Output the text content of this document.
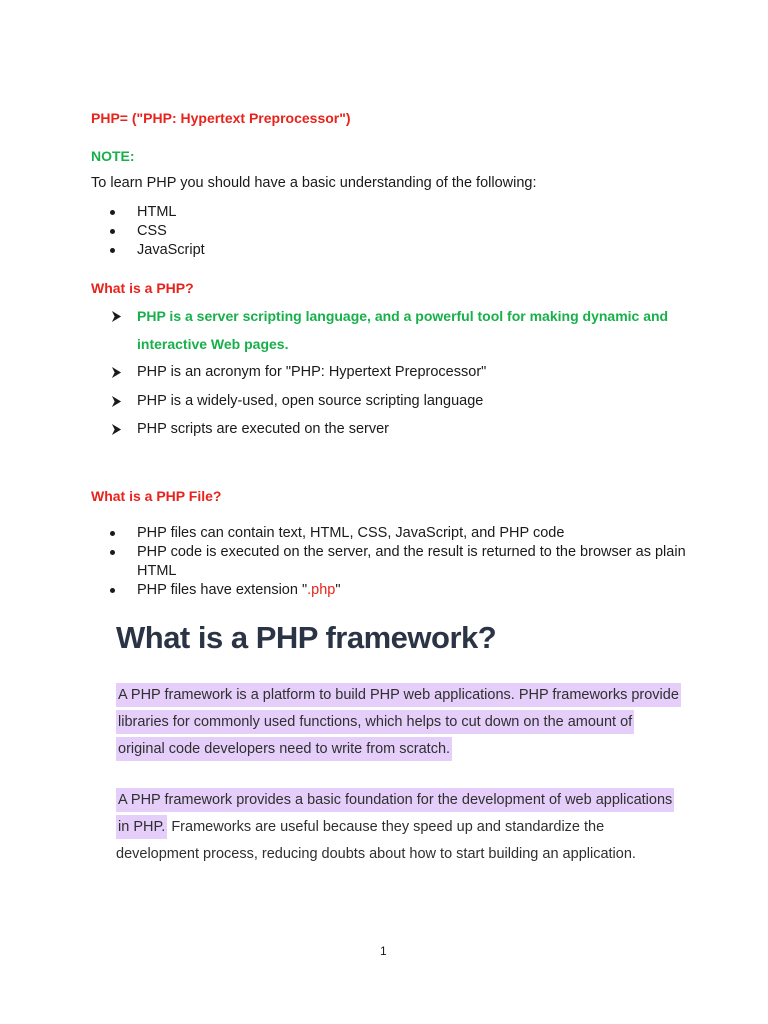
PHP= ("PHP: Hypertext Preprocessor")
NOTE:
To learn PHP you should have a basic understanding of the following:
HTML
CSS
JavaScript
What is a PHP?
PHP is a server scripting language, and a powerful tool for making dynamic and
interactive Web pages.
PHP is an acronym for "PHP: Hypertext Preprocessor"
PHP is a widely-used, open source scripting language
PHP scripts are executed on the server
What is a PHP File?
PHP files can contain text, HTML, CSS, JavaScript, and PHP code
PHP code is executed on the server, and the result is returned to the browser as plain
HTML
PHP files have extension ".php"
What is a PHP framework?
A PHP framework is a platform to build PHP web applications. PHP frameworks provide
libraries for commonly used functions, which helps to cut down on the amount of
original code developers need to write from scratch.
A PHP framework provides a basic foundation for the development of web applications
in PHP. Frameworks are useful because they speed up and standardize the
development process, reducing doubts about how to start building an application.
1
